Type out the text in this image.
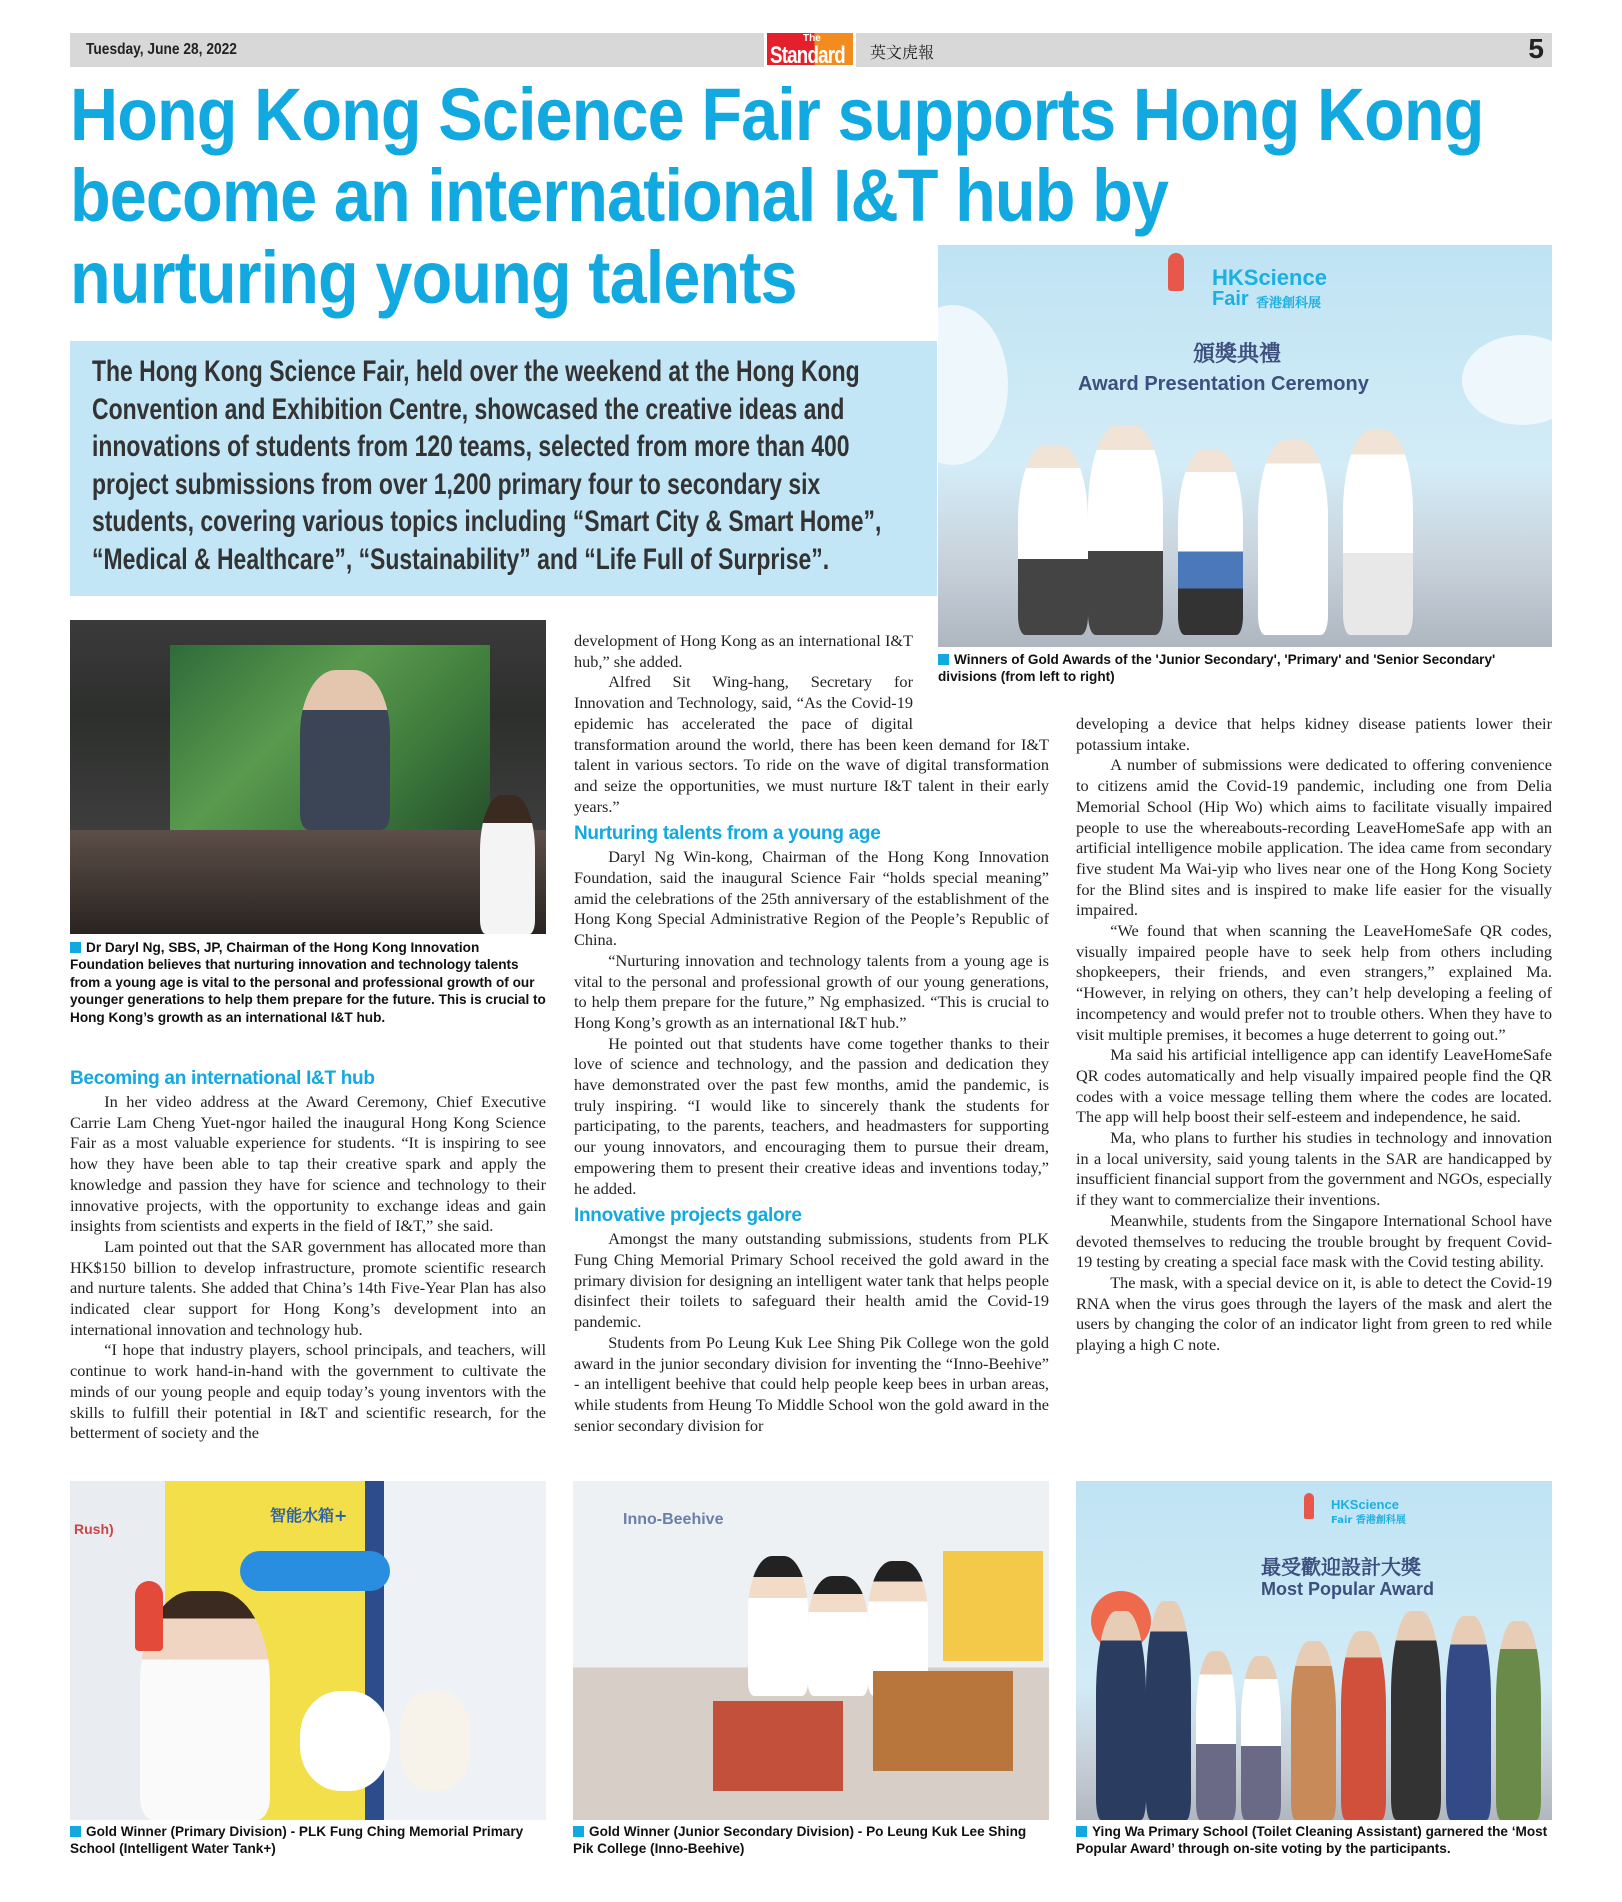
Tuesday, June 28, 2022
The
Standard 英文虎報	5
Hong Kong Science Fair supports Hong Kong
become an international I&T hub by
nurturing young talents
The Hong Kong Science Fair, held over the weekend at the Hong Kong Convention and Exhibition Centre, showcased the creative ideas and innovations of students from 120 teams, selected from more than 400 project submissions from over 1,200 primary four to secondary six students, covering various topics including “Smart City & Smart Home”, “Medical & Healthcare”, “Sustainability” and “Life Full of Surprise”.
HKScience
Fair 香港創科展
頒獎典禮
Award Presentation Ceremony
Winners of Gold Awards of the 'Junior Secondary', 'Primary' and 'Senior Secondary' divisions (from left to right)
Dr Daryl Ng, SBS, JP, Chairman of the Hong Kong Innovation Foundation believes that nurturing innovation and technology talents from a young age is vital to the personal and professional growth of our younger generations to help them prepare for the future. This is crucial to Hong Kong’s growth as an international I&T hub.
Becoming an international I&T hub

In her video address at the Award Ceremony, Chief Executive Carrie Lam Cheng Yuet-ngor hailed the inaugural Hong Kong Science Fair as a most valuable experience for students. “It is inspiring to see how they have been able to tap their creative spark and apply the knowledge and passion they have for science and technology to their innovative projects, with the opportunity to exchange ideas and gain insights from scientists and experts in the field of I&T,” she said.

Lam pointed out that the SAR government has allocated more than HK$150 billion to develop infrastructure, promote scientific research and nurture talents. She added that China’s 14th Five-Year Plan has also indicated clear support for Hong Kong’s development into an international innovation and technology hub.

“I hope that industry players, school principals, and teachers, will continue to work hand-in-hand with the government to cultivate the minds of our young people and equip today’s young inventors with the skills to fulfill their potential in I&T and scientific research, for the betterment of society and the

development of Hong Kong as an international I&T hub,” she added.

Alfred Sit Wing-hang, Secretary for Innovation and Technology, said, “As the Covid-19 epidemic has accelerated the pace of digital transformation around the world, there has been keen demand for I&T talent in various sectors. To ride on the wave of digital transformation and seize the opportunities, we must nurture I&T talent in their early years.”

Nurturing talents from a young age

Daryl Ng Win-kong, Chairman of the Hong Kong Innovation Foundation, said the inaugural Science Fair “holds special meaning” amid the celebrations of the 25th anniversary of the establishment of the Hong Kong Special Administrative Region of the People’s Republic of China.

“Nurturing innovation and technology talents from a young age is vital to the personal and professional growth of our young generations, to help them prepare for the future,” Ng emphasized. “This is crucial to Hong Kong’s growth as an international I&T hub.”

He pointed out that students have come together thanks to their love of science and technology, and the passion and dedication they have demonstrated over the past few months, amid the pandemic, is truly inspiring. “I would like to sincerely thank the students for participating, to the parents, teachers, and headmasters for supporting our young innovators, and encouraging them to pursue their dream, empowering them to present their creative ideas and inventions today,” he added.

Innovative projects galore

Amongst the many outstanding submissions, students from PLK Fung Ching Memorial Primary School received the gold award in the primary division for designing an intelligent water tank that helps people disinfect their toilets to safeguard their health amid the Covid-19 pandemic.

Students from Po Leung Kuk Lee Shing Pik College won the gold award in the junior secondary division for inventing the “Inno-Beehive” - an intelligent beehive that could help people keep bees in urban areas, while students from Heung To Middle School won the gold award in the senior secondary division for

developing a device that helps kidney disease patients lower their potassium intake.

A number of submissions were dedicated to offering convenience to citizens amid the Covid-19 pandemic, including one from Delia Memorial School (Hip Wo) which aims to facilitate visually impaired people to use the whereabouts-recording LeaveHomeSafe app with an artificial intelligence mobile application. The idea came from secondary five student Ma Wai-yip who lives near one of the Hong Kong Society for the Blind sites and is inspired to make life easier for the visually impaired.

“We found that when scanning the LeaveHomeSafe QR codes, visually impaired people have to seek help from others including shopkeepers, their friends, and even strangers,” explained Ma. “However, in relying on others, they can’t help developing a feeling of incompetency and would prefer not to trouble others. When they have to visit multiple premises, it becomes a huge deterrent to going out.”

Ma said his artificial intelligence app can identify LeaveHomeSafe QR codes automatically and help visually impaired people find the QR codes with a voice message telling them where the codes are located. The app will help boost their self-esteem and independence, he said.

Ma, who plans to further his studies in technology and innovation in a local university, said young talents in the SAR are handicapped by insufficient financial support from the government and NGOs, especially if they want to commercialize their inventions.

Meanwhile, students from the Singapore International School have devoted themselves to reducing the trouble brought by frequent Covid-19 testing by creating a special face mask with the Covid testing ability.

The mask, with a special device on it, is able to detect the Covid-19 RNA when the virus goes through the layers of the mask and alert the users by changing the color of an indicator light from green to red while playing a high C note.

Rush)
智能水箱+
Gold Winner (Primary Division) - PLK Fung Ching Memorial Primary School (Intelligent Water Tank+)
Inno-Beehive
Gold Winner (Junior Secondary Division) - Po Leung Kuk Lee Shing Pik College (Inno-Beehive)
HKScience
Fair 香港創科展
最受歡迎設計大獎
Most Popular Award
Ying Wa Primary School (Toilet Cleaning Assistant) garnered the ‘Most Popular Award’ through on-site voting by the participants.
